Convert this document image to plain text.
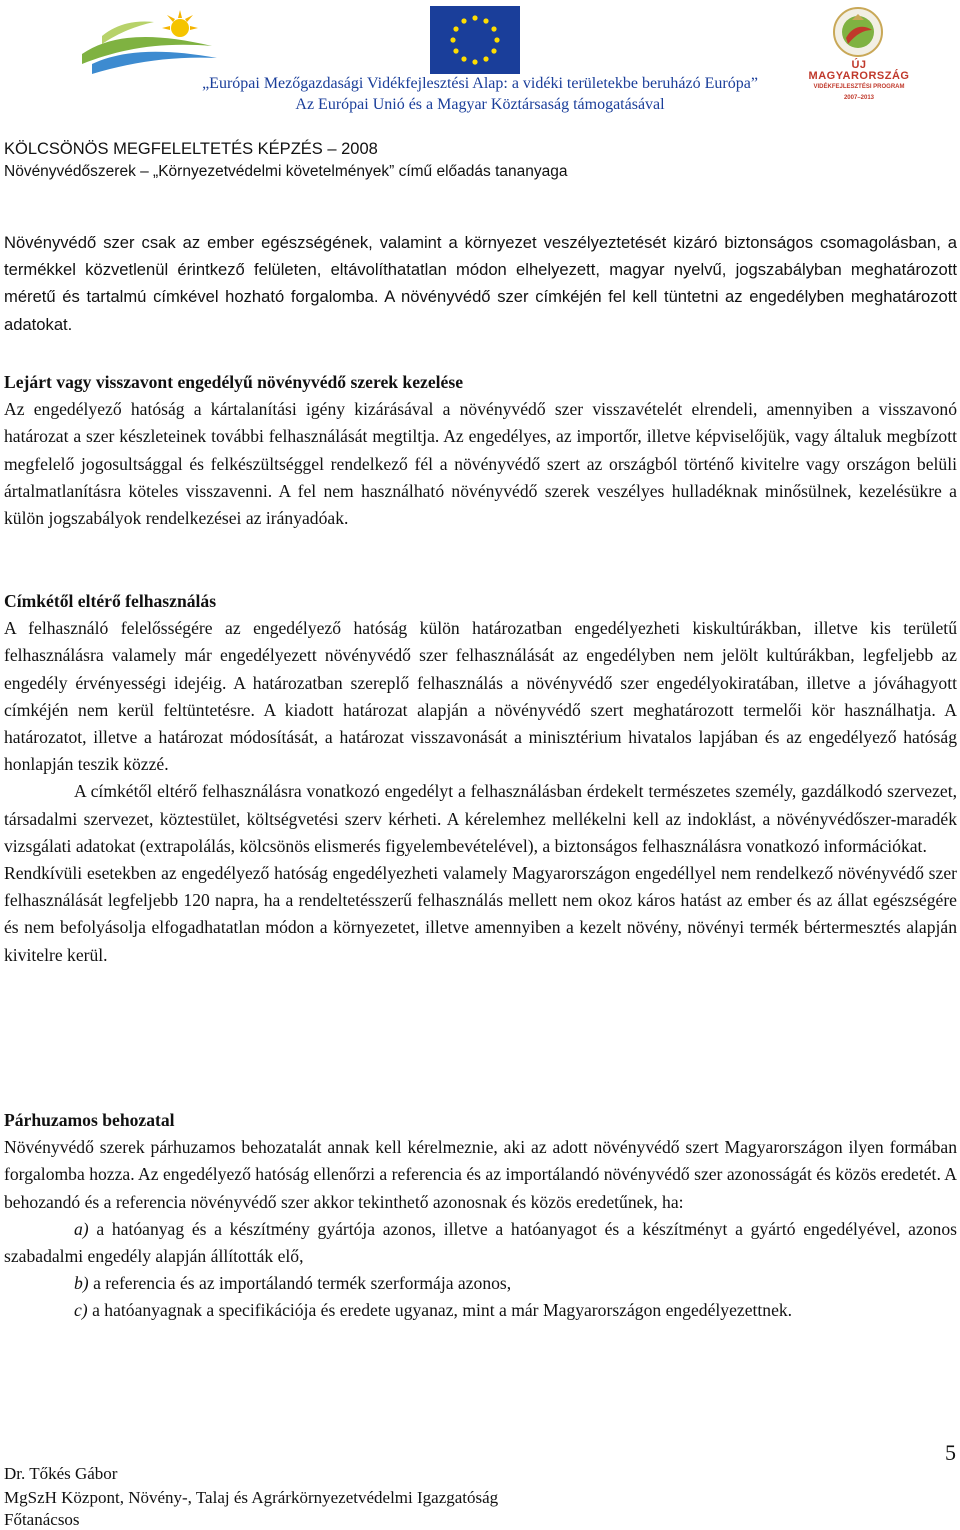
ÚJ MAGYARORSZÁG
VIDÉKFEJLESZTÉSI PROGRAM
2007–2013
„Európai Mezőgazdasági Vidékfejlesztési Alap: a vidéki területekbe beruházó Európa”
Az Európai Unió és a Magyar Köztársaság támogatásával
KÖLCSÖNÖS MEGFELELTETÉS KÉPZÉS – 2008
Növényvédőszerek – „Környezetvédelmi követelmények” című előadás tananyaga

Növényvédő szer csak az ember egészségének, valamint a környezet veszélyeztetését kizáró biztonságos csomagolásban, a termékkel közvetlenül érintkező felületen, eltávolíthatatlan módon elhelyezett, magyar nyelvű, jogszabályban meghatározott méretű és tartalmú címkével hozható forgalomba. A növényvédő szer címkéjén fel kell tüntetni az engedélyben meghatározott adatokat.

Lejárt vagy visszavont engedélyű növényvédő szerek kezelése

Az engedélyező hatóság a kártalanítási igény kizárásával a növényvédő szer visszavételét elrendeli, amennyiben a visszavonó határozat a szer készleteinek további felhasználását megtiltja. Az engedélyes, az importőr, illetve képviselőjük, vagy általuk megbízott megfelelő jogosultsággal és felkészültséggel rendelkező fél a növényvédő szert az országból történő kivitelre vagy országon belüli ártalmatlanításra köteles visszavenni. A fel nem használható növényvédő szerek veszélyes hulladéknak minősülnek, kezelésükre a külön jogszabályok rendelkezései az irányadóak.

Címkétől eltérő felhasználás

A felhasználó felelősségére az engedélyező hatóság külön határozatban engedélyezheti kiskultúrákban, illetve kis területű felhasználásra valamely már engedélyezett növényvédő szer felhasználását az engedélyben nem jelölt kultúrákban, legfeljebb az engedély érvényességi idejéig. A határozatban szereplő felhasználás a növényvédő szer engedélyokiratában, illetve a jóváhagyott címkéjén nem kerül feltüntetésre. A kiadott határozat alapján a növényvédő szert meghatározott termelői kör használhatja. A határozatot, illetve a határozat módosítását, a határozat visszavonását a minisztérium hivatalos lapjában és az engedélyező hatóság honlapján teszik közzé.

A címkétől eltérő felhasználásra vonatkozó engedélyt a felhasználásban érdekelt természetes személy, gazdálkodó szervezet, társadalmi szervezet, köztestület, költségvetési szerv kérheti. A kérelemhez mellékelni kell az indoklást, a növényvédőszer-maradék vizsgálati adatokat (extrapolálás, kölcsönös elismerés figyelembevételével), a biztonságos felhasználásra vonatkozó információkat.

Rendkívüli esetekben az engedélyező hatóság engedélyezheti valamely Magyarországon engedéllyel nem rendelkező növényvédő szer felhasználását legfeljebb 120 napra, ha a rendeltetésszerű felhasználás mellett nem okoz káros hatást az ember és az állat egészségére és nem befolyásolja elfogadhatatlan módon a környezetet, illetve amennyiben a kezelt növény, növényi termék bértermesztés alapján kivitelre kerül.

Párhuzamos behozatal

Növényvédő szerek párhuzamos behozatalát annak kell kérelmeznie, aki az adott növényvédő szert Magyarországon ilyen formában forgalomba hozza. Az engedélyező hatóság ellenőrzi a referencia és az importálandó növényvédő szer azonosságát és közös eredetét. A behozandó és a referencia növényvédő szer akkor tekinthető azonosnak és közös eredetűnek, ha:

a) a hatóanyag és a készítmény gyártója azonos, illetve a hatóanyagot és a készítményt a gyártó engedélyével, azonos szabadalmi engedély alapján állították elő,

b) a referencia és az importálandó termék szerformája azonos,

c) a hatóanyagnak a specifikációja és eredete ugyanaz, mint a már Magyarországon engedélyezettnek.

5
Dr. Tőkés Gábor
MgSzH Központ, Növény-, Talaj és Agrárkörnyezetvédelmi Igazgatóság
Főtanácsos
